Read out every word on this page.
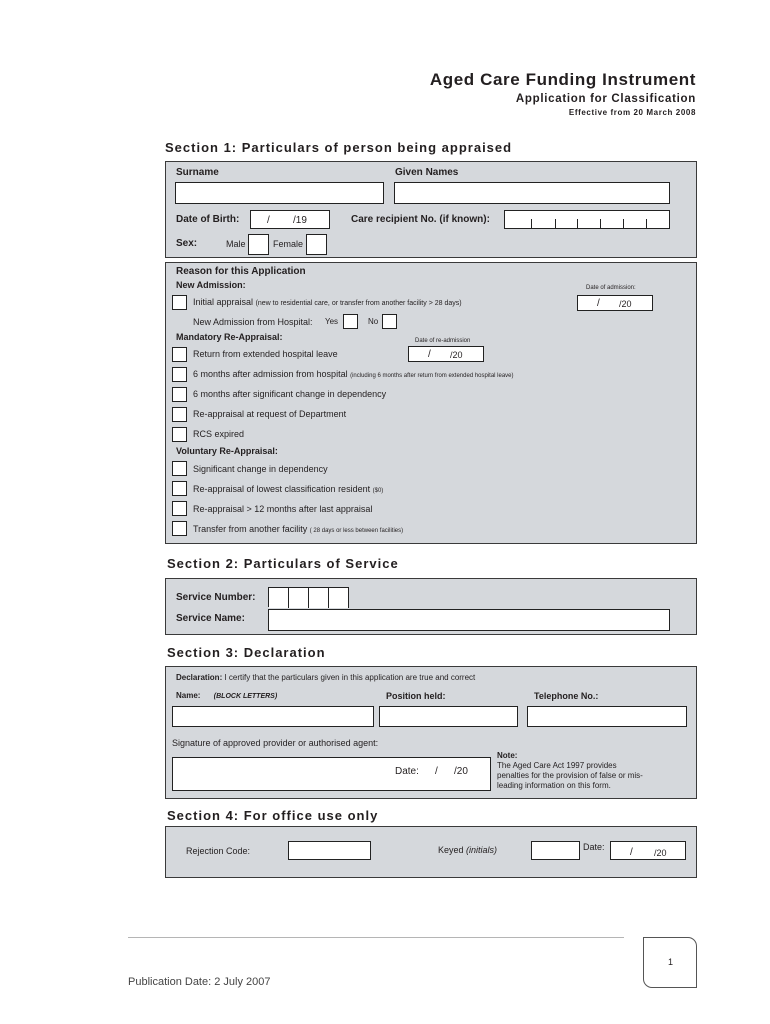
Aged Care Funding Instrument
Application for Classification
Effective from 20 March 2008
Section 1: Particulars of person being appraised
Surname	Given Names
Date of Birth:	/ /19	Care recipient No. (if known):
Sex:	Male	Female
Reason for this Application
New Admission:	Date of admission:
/ /20
Initial appraisal (new to residential care, or transfer from another facility > 28 days)
New Admission from Hospital: Yes	No
Mandatory Re-Appraisal:	Date of re-admission
/ /20
Return from extended hospital leave
6 months after admission from hospital (including 6 months after return from extended hospital leave)
6 months after significant change in dependency
Re-appraisal at request of Department
RCS expired
Voluntary Re-Appraisal:
Significant change in dependency
Re-appraisal of lowest classification resident ($0)
Re-appraisal > 12 months after last appraisal
Transfer from another facility ( 28 days or less between facilities)
Section 2: Particulars of Service
Service Number:
Service Name:
Section 3: Declaration
Declaration: I certify that the particulars given in this application are true and correct
Name: (BLOCK LETTERS)	Position held:	Telephone No.:
Signature of approved provider or authorised agent:
Date: / /20
Note:
The Aged Care Act 1997 provides
penalties for the provision of false or mis-
leading information on this form.
Section 4: For office use only
Rejection Code:	Keyed (initials)	Date:	/ /20
1
Publication Date: 2 July 2007
